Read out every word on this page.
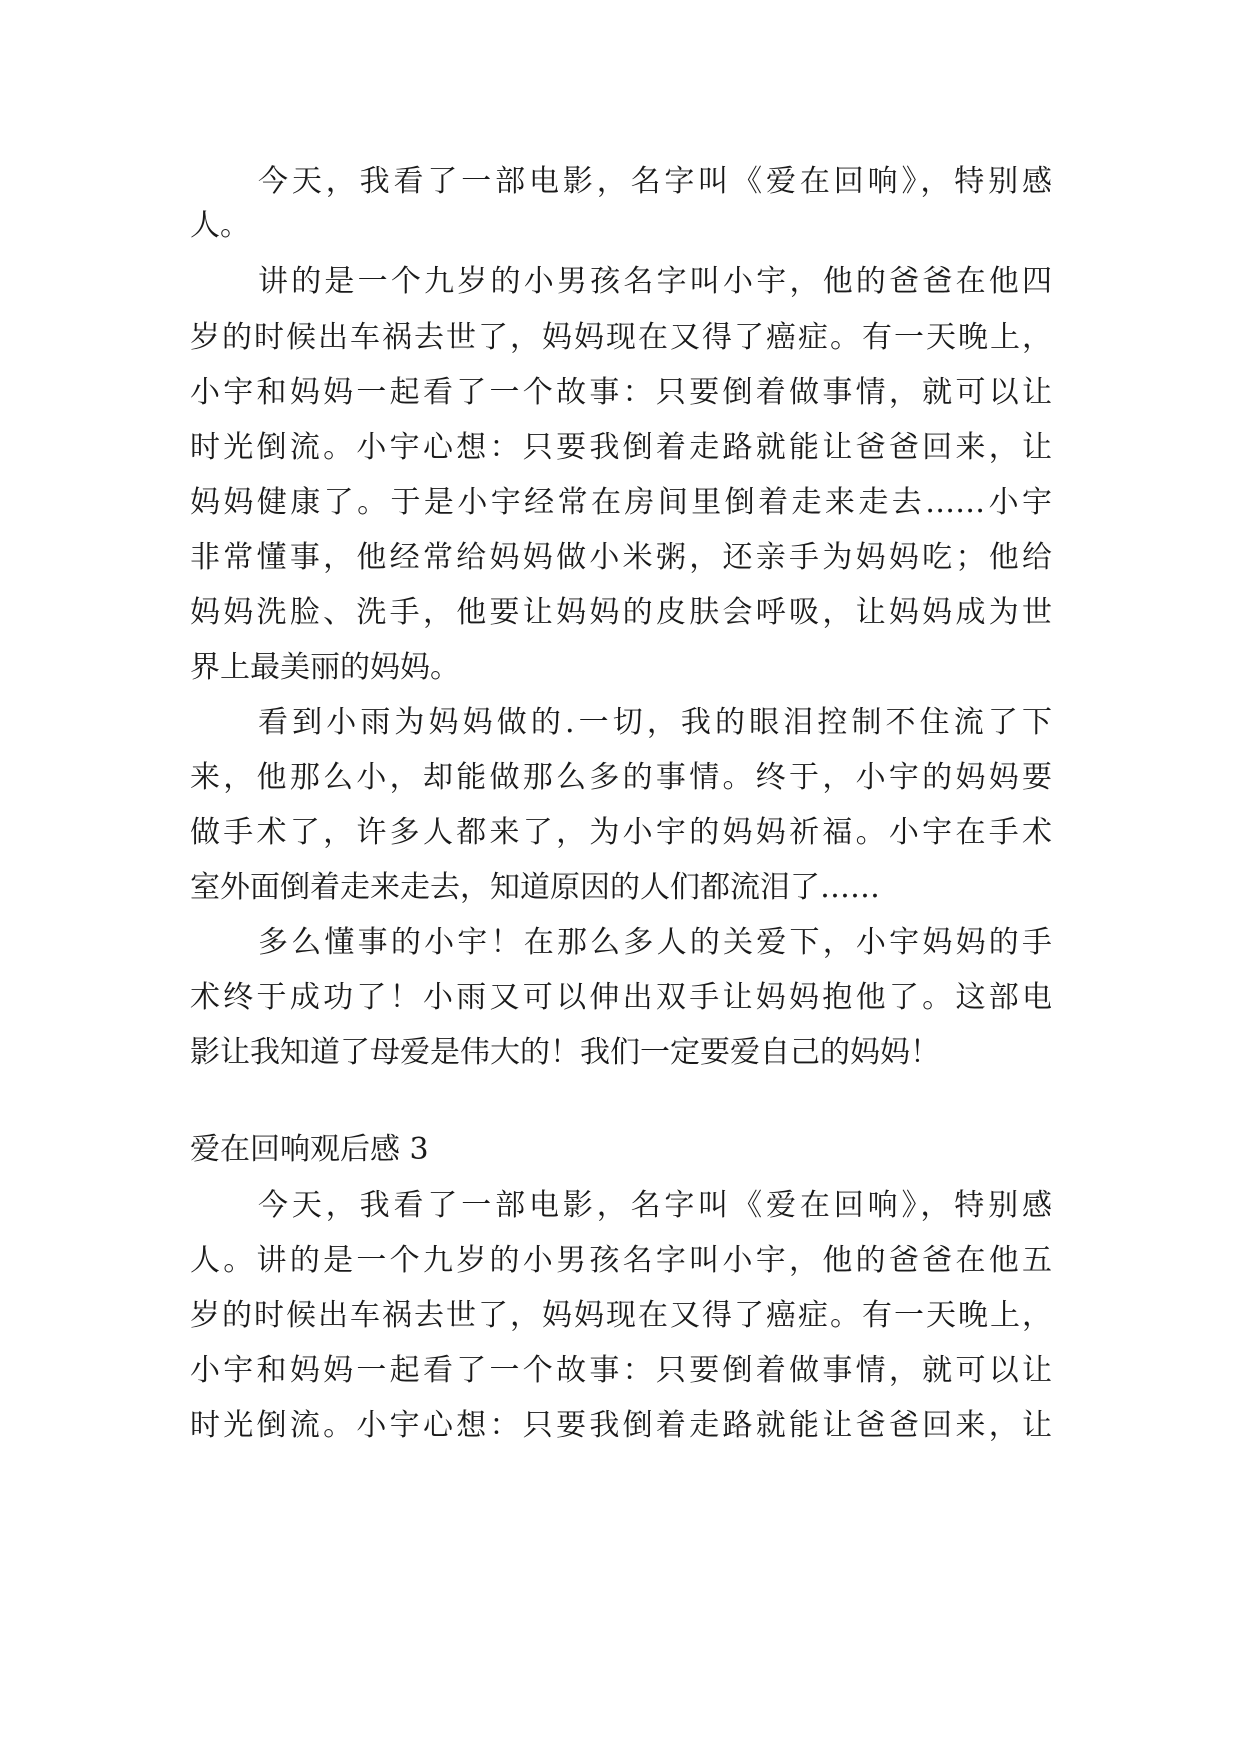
今天，我看了一部电影，名字叫《爱在回响》，特别感

人。

讲的是一个九岁的小男孩名字叫小宇，他的爸爸在他四

岁的时候出车祸去世了，妈妈现在又得了癌症。有一天晚上，

小宇和妈妈一起看了一个故事：只要倒着做事情，就可以让

时光倒流。小宇心想：只要我倒着走路就能让爸爸回来，让

妈妈健康了。于是小宇经常在房间里倒着走来走去……小宇

非常懂事，他经常给妈妈做小米粥，还亲手为妈妈吃；他给

妈妈洗脸、洗手，他要让妈妈的皮肤会呼吸，让妈妈成为世

界上最美丽的妈妈。

看到小雨为妈妈做的.一切，我的眼泪控制不住流了下

来，他那么小，却能做那么多的事情。终于，小宇的妈妈要

做手术了，许多人都来了，为小宇的妈妈祈福。小宇在手术

室外面倒着走来走去，知道原因的人们都流泪了……

多么懂事的小宇！在那么多人的关爱下，小宇妈妈的手

术终于成功了！小雨又可以伸出双手让妈妈抱他了。这部电

影让我知道了母爱是伟大的！我们一定要爱自己的妈妈！

爱在回响观后感 3

今天，我看了一部电影，名字叫《爱在回响》，特别感

人。讲的是一个九岁的小男孩名字叫小宇，他的爸爸在他五

岁的时候出车祸去世了，妈妈现在又得了癌症。有一天晚上，

小宇和妈妈一起看了一个故事：只要倒着做事情，就可以让

时光倒流。小宇心想：只要我倒着走路就能让爸爸回来，让
